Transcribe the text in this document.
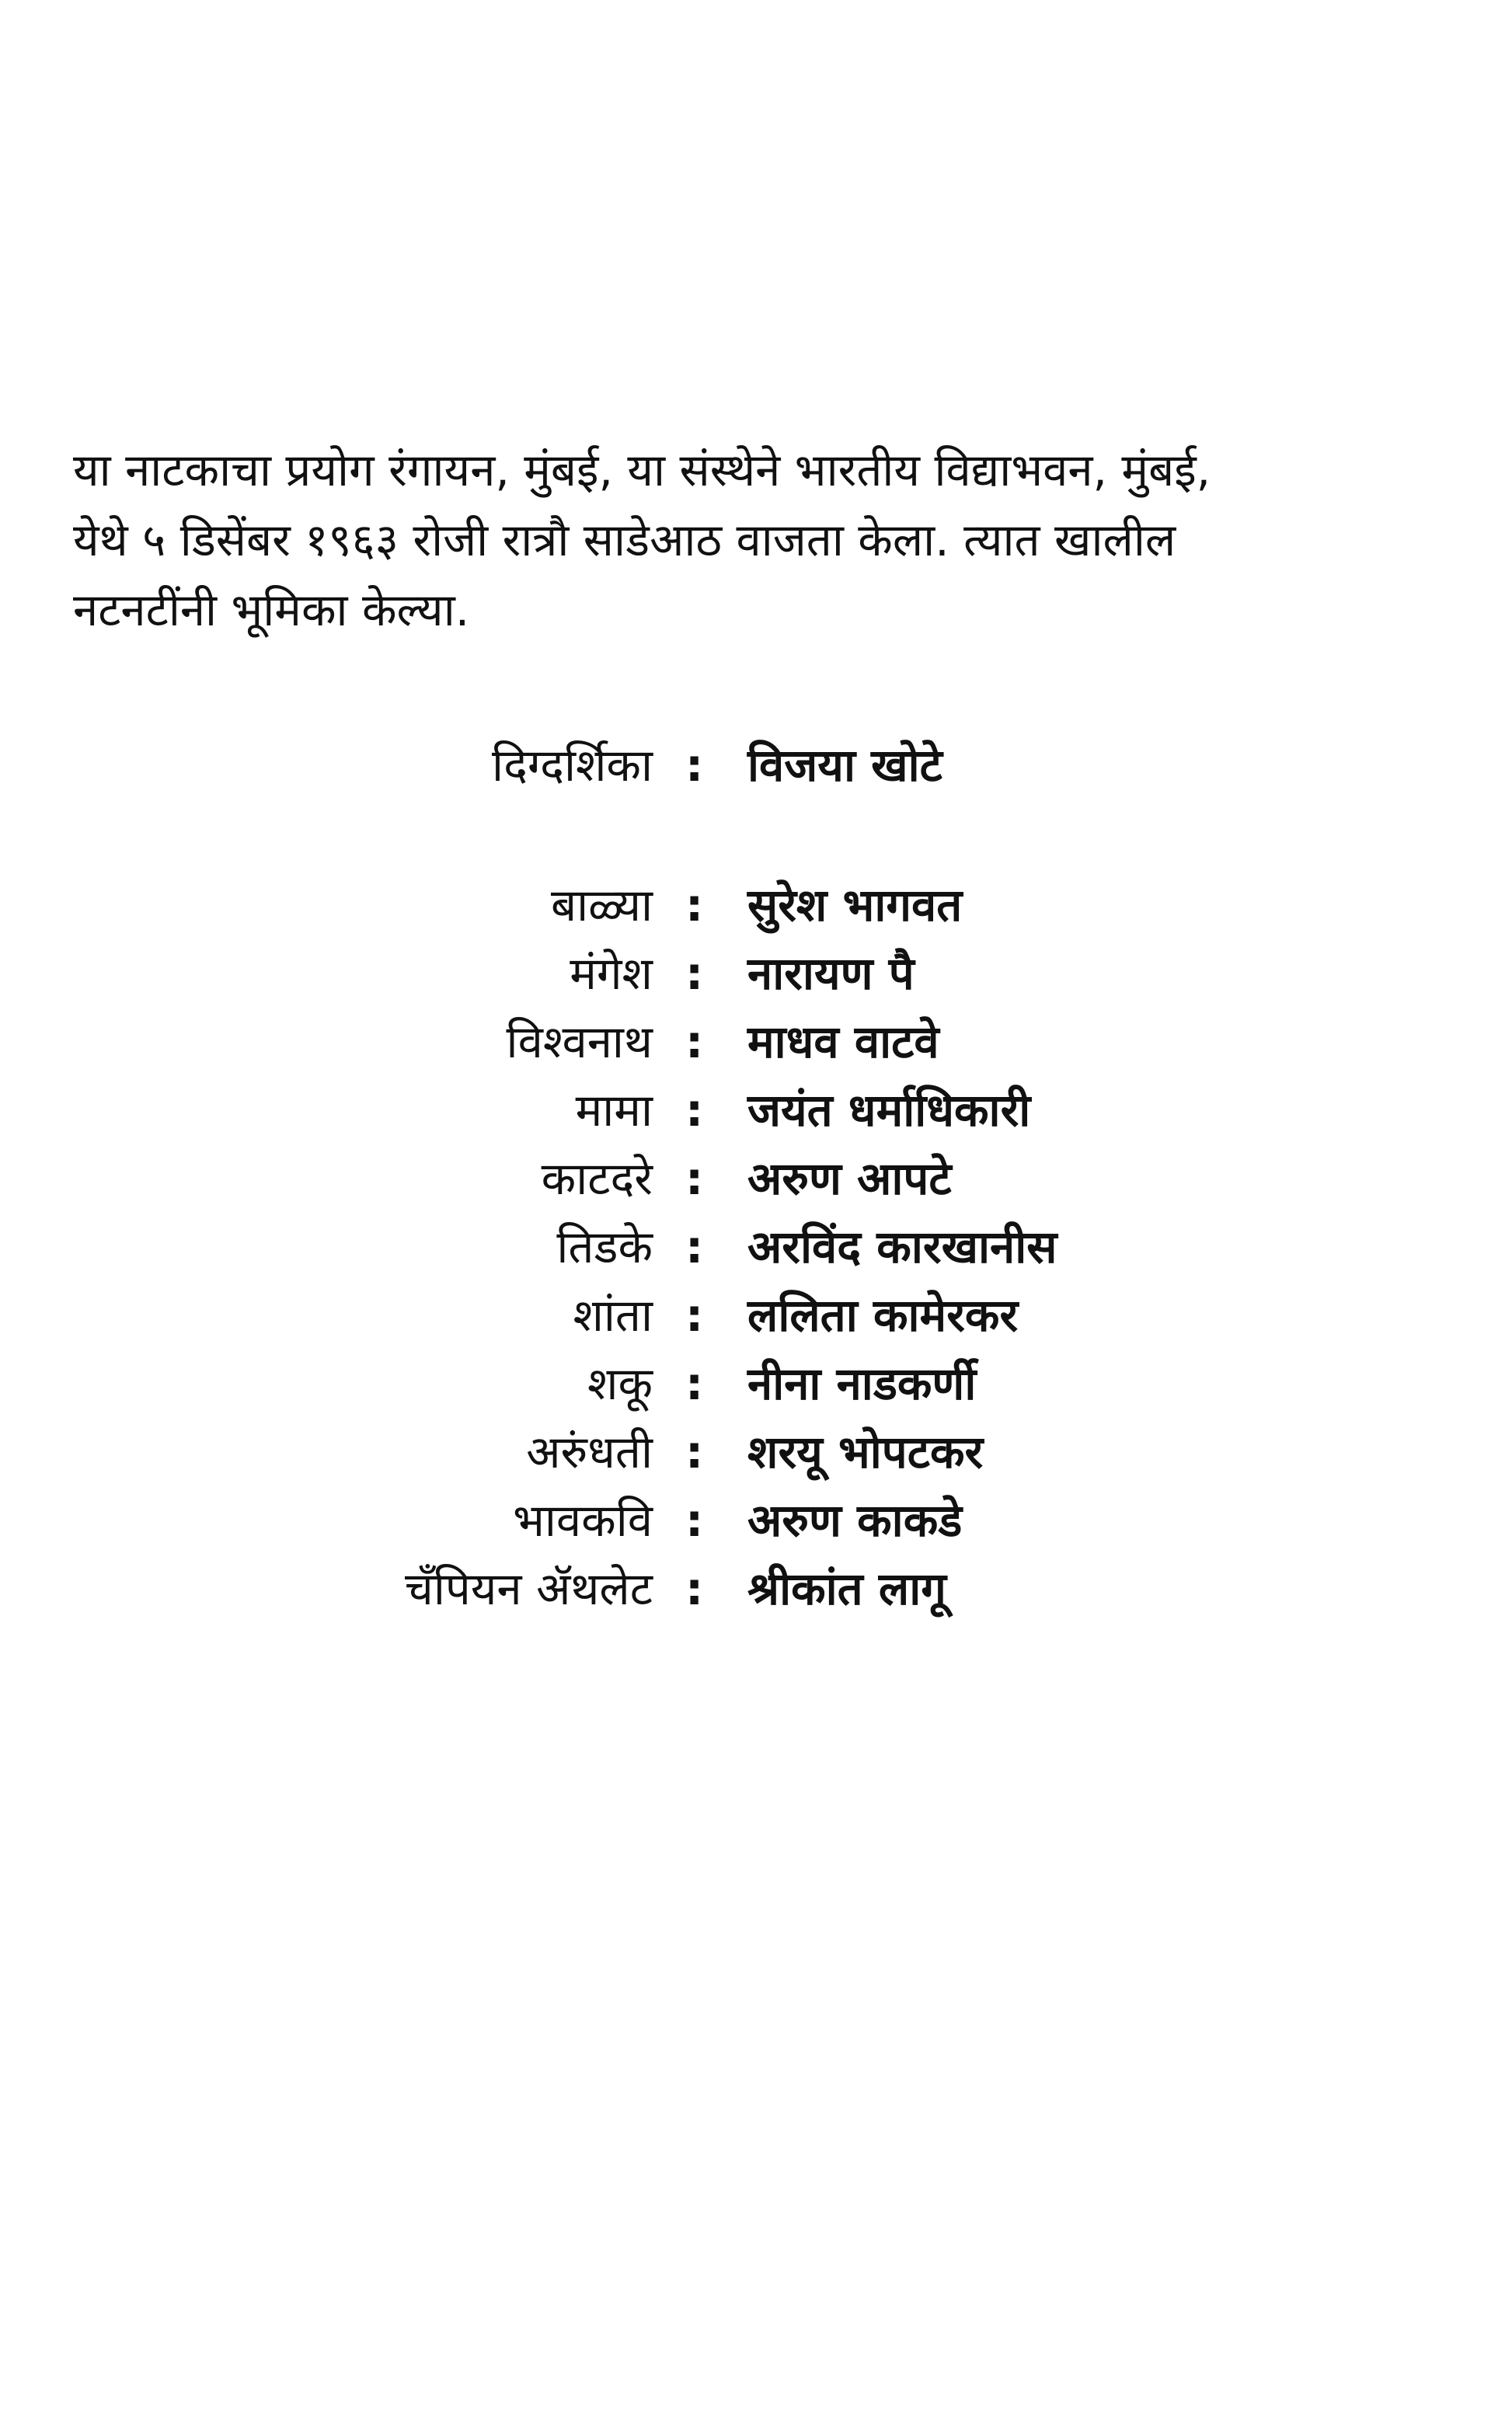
या नाटकाचा प्रयोग रंगायन, मुंबई, या संस्थेने भारतीय विद्याभवन, मुंबई,
येथे ५ डिसेंबर १९६३ रोजी रात्रौ साडेआठ वाजता केला. त्यात खालील
नटनटींनी भूमिका केल्या.
दिग्दर्शिका : विजया खोटे
बाळ्या : सुरेश भागवत
मंगेश : नारायण पै
विश्वनाथ : माधव वाटवे
मामा : जयंत धर्माधिकारी
काटदरे : अरुण आपटे
तिडके : अरविंद कारखानीस
शांता : ललिता कामेरकर
शकू : नीना नाडकर्णी
अरुंधती : शरयू भोपटकर
भावकवि : अरुण काकडे
चँपियन ॲथलेट : श्रीकांत लागू
